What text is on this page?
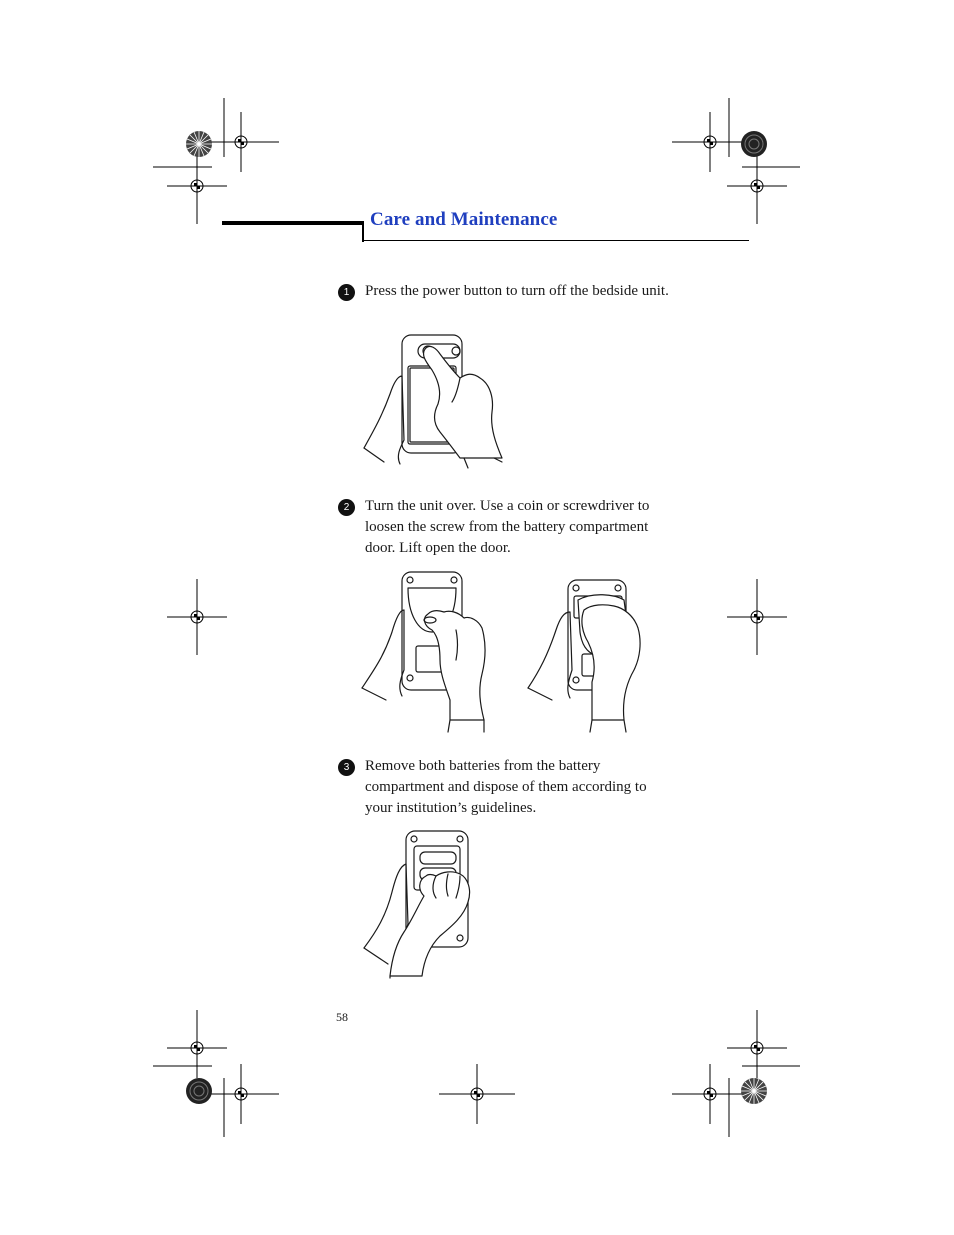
Care and Maintenance
1	Press the power button to turn off the bedside unit.
2	Turn the unit over. Use a coin or screwdriver to loosen the screw from the battery compartment door. Lift open the door.
3	Remove both batteries from the battery compartment and dispose of them according to your institution’s guidelines.
58
